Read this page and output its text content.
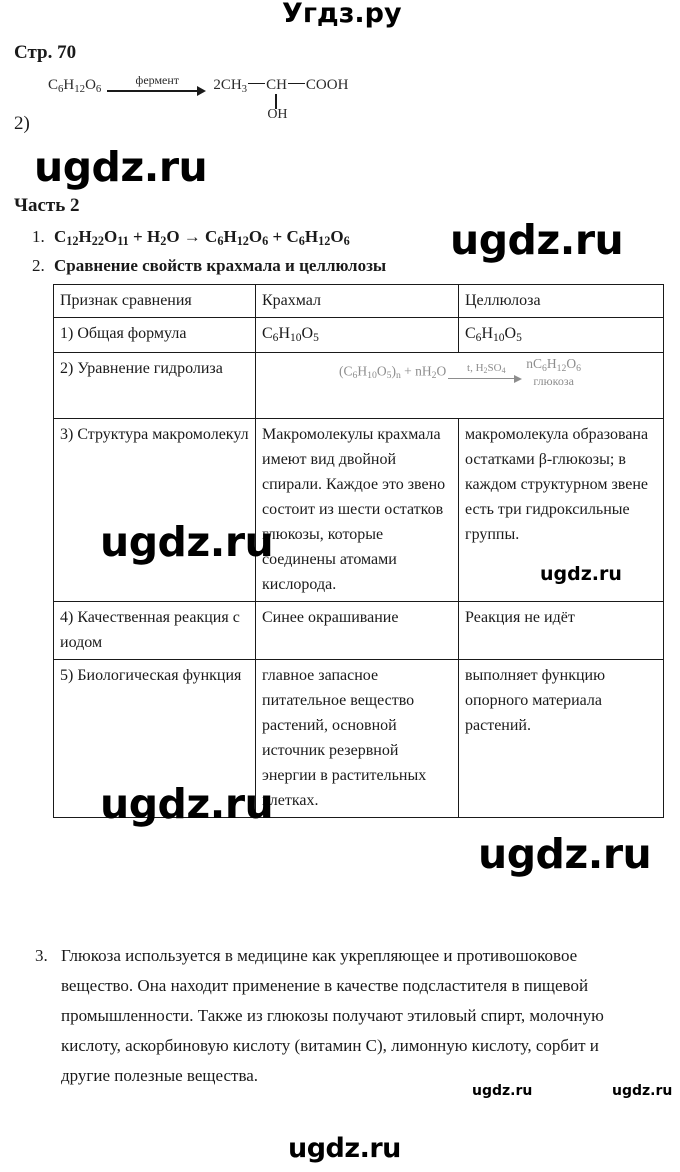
Угдз.ру
ugdz.ru
ugdz.ru
ugdz.ru
ugdz.ru
ugdz.ru
ugdz.ru
ugdz.ru	ugdz.ru
ugdz.ru
Стр. 70
$C_6H_{12}O_6$
фермент	$2CH_3$ CH COOH
OH
2)
Часть 2
1. $C_{12}H_{22}O_{11} + H_2O \to C_6H_{12}O_6 + C_6H_{12}O_6$
2. Сравнение свойств крахмала и целлюлозы
Признак сравнения	Крахмал	Целлюлоза
1) Общая формула	$C_6H_{10}O_5$	$C_6H_{10}O_5$
2) Уравнение гидролиза	$(C_6H_{10}O_5)_n + nH_2O$ t, $H_2SO_4$ $nC_6H_{12}O_6$
глюкоза	

3) Структура макромолекул	Макромолекулы крахмала имеют вид двойной спирали. Каждое это звено состоит из шести остатков глюкозы, которые соединены атомами кислорода.	макромолекула образована остатками β-глюкозы; в каждом структурном звене есть три гидроксильные группы.
4) Качественная реакция с иодом	Синее окрашивание	Реакция не идёт
5) Биологическая функция	главное запасное питательное вещество растений, основной источник резервной энергии в растительных клетках.	выполняет функцию опорного материала растений.
3. Глюкоза используется в медицине как укрепляющее и противошоковое вещество. Она находит применение в качестве подсластителя в пищевой промышленности. Также из глюкозы получают этиловый спирт, молочную кислоту, аскорбиновую кислоту (витамин С), лимонную кислоту, сорбит и другие полезные вещества.
